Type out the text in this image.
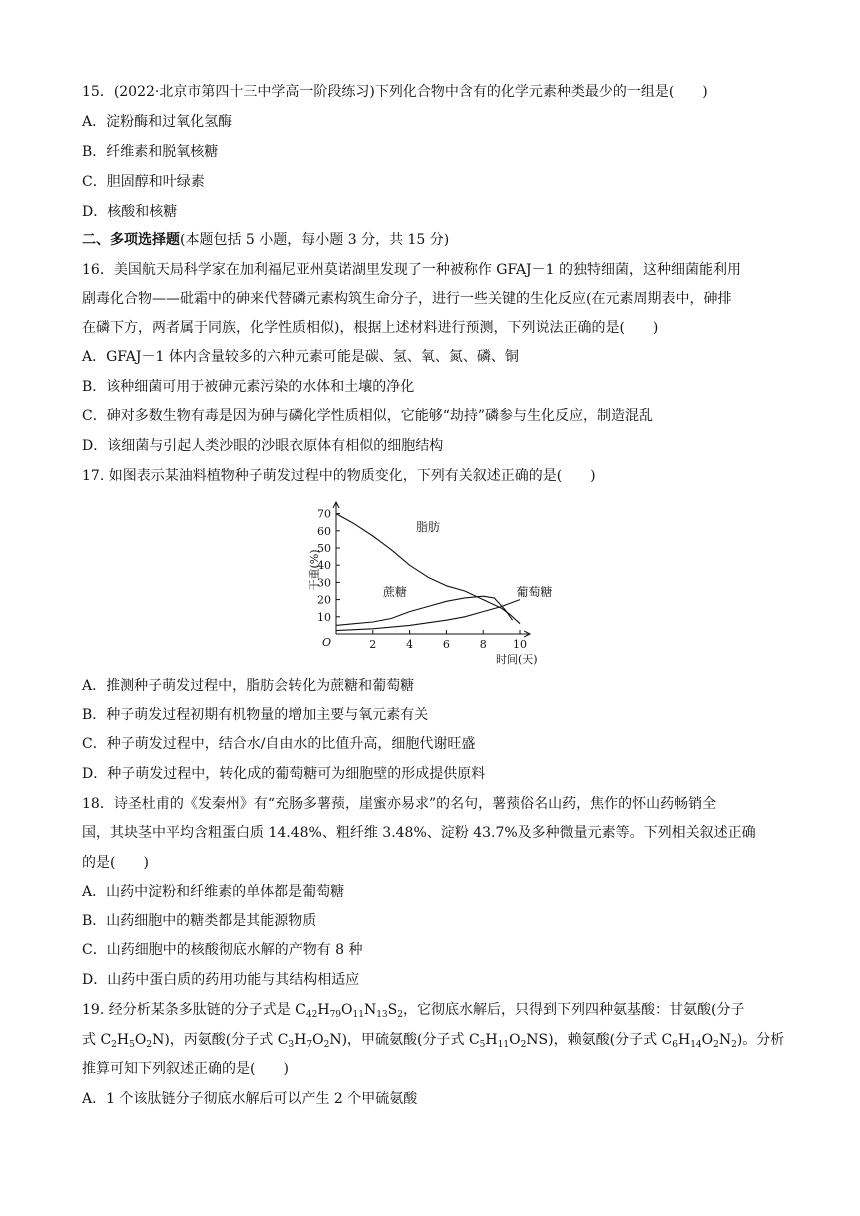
15．(2022·北京市第四十三中学高一阶段练习)下列化合物中含有的化学元素种类最少的一组是(　　)
A．淀粉酶和过氧化氢酶
B．纤维素和脱氧核糖
C．胆固醇和叶绿素
D．核酸和核糖
二、多项选择题(本题包括 5 小题，每小题 3 分，共 15 分)
16．美国航天局科学家在加利福尼亚州莫诺湖里发现了一种被称作 GFAJ－1 的独特细菌，这种细菌能利用
剧毒化合物——砒霜中的砷来代替磷元素构筑生命分子，进行一些关键的生化反应(在元素周期表中，砷排
在磷下方，两者属于同族，化学性质相似)，根据上述材料进行预测，下列说法正确的是(　　)
A．GFAJ－1 体内含量较多的六种元素可能是碳、氢、氧、氮、磷、铜
B．该种细菌可用于被砷元素污染的水体和土壤的净化
C．砷对多数生物有毒是因为砷与磷化学性质相似，它能够“劫持”磷参与生化反应，制造混乱
D．该细菌与引起人类沙眼的沙眼衣原体有相似的细胞结构
17. 如图表示某油料植物种子萌发过程中的物质变化，下列有关叙述正确的是(　　)
10
20
30
40
50
60
70
2	4	6	8 10
脂肪
蔗糖	葡萄糖
O
时间(天)
干重(%)
A．推测种子萌发过程中，脂肪会转化为蔗糖和葡萄糖
B．种子萌发过程初期有机物量的增加主要与氧元素有关
C．种子萌发过程中，结合水/自由水的比值升高，细胞代谢旺盛
D．种子萌发过程中，转化成的葡萄糖可为细胞壁的形成提供原料
18．诗圣杜甫的《发秦州》有“充肠多薯蓣，崖蜜亦易求”的名句，薯蓣俗名山药，焦作的怀山药畅销全
国，其块茎中平均含粗蛋白质 14.48%、粗纤维 3.48%、淀粉 43.7%及多种微量元素等。下列相关叙述正确
的是(　　)
A．山药中淀粉和纤维素的单体都是葡萄糖
B．山药细胞中的糖类都是其能源物质
C．山药细胞中的核酸彻底水解的产物有 8 种
D．山药中蛋白质的药用功能与其结构相适应
19. 经分析某条多肽链的分子式是 $C_{42}H_{79}O_{11}N_{13}S_2$，它彻底水解后，只得到下列四种氨基酸：甘氨酸(分子
式 $C_2H_5O_2N$)，丙氨酸(分子式 $C_3H_7O_2N$)，甲硫氨酸(分子式 $C_5H_{11}O_2NS$)，赖氨酸(分子式 $C_6H_{14}O_2N_2$)。分析
推算可知下列叙述正确的是(　　)
A．1 个该肽链分子彻底水解后可以产生 2 个甲硫氨酸
